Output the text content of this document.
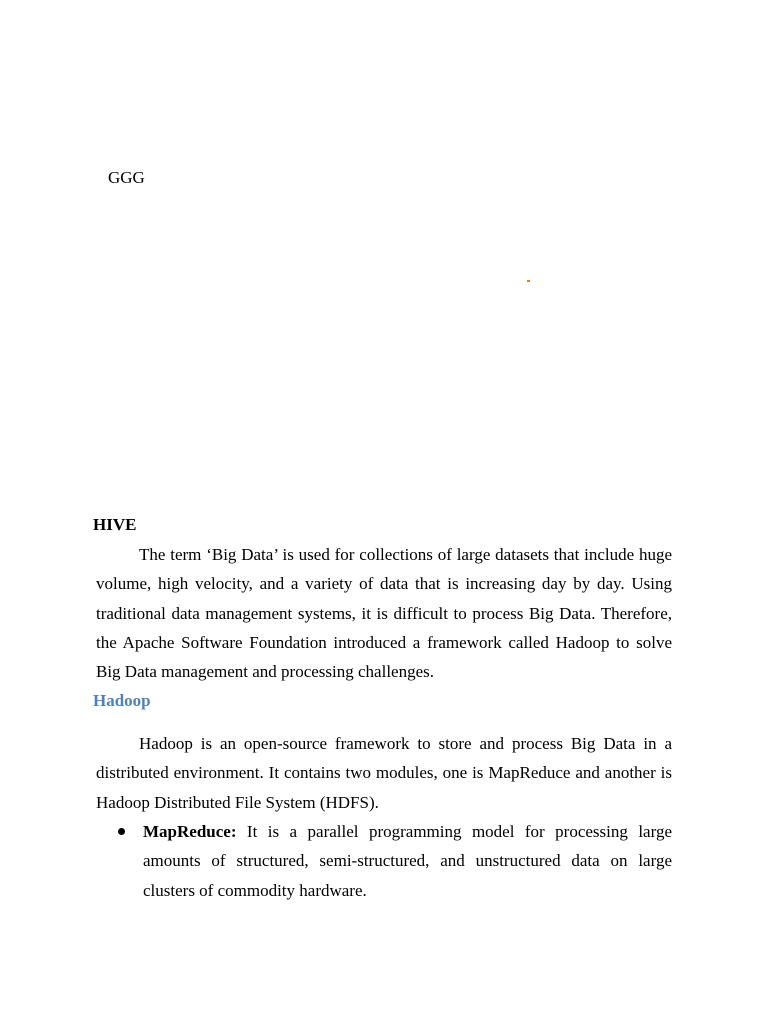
GGG
HIVE

The term ‘Big Data’ is used for collections of large datasets that include huge volume, high velocity, and a variety of data that is increasing day by day. Using traditional data management systems, it is difficult to process Big Data. Therefore, the Apache Software Foundation introduced a framework called Hadoop to solve Big Data management and processing challenges.

Hadoop

Hadoop is an open-source framework to store and process Big Data in a distributed environment. It contains two modules, one is MapReduce and another is Hadoop Distributed File System (HDFS).

MapReduce: It is a parallel programming model for processing large amounts of structured, semi-structured, and unstructured data on large clusters of commodity hardware.
